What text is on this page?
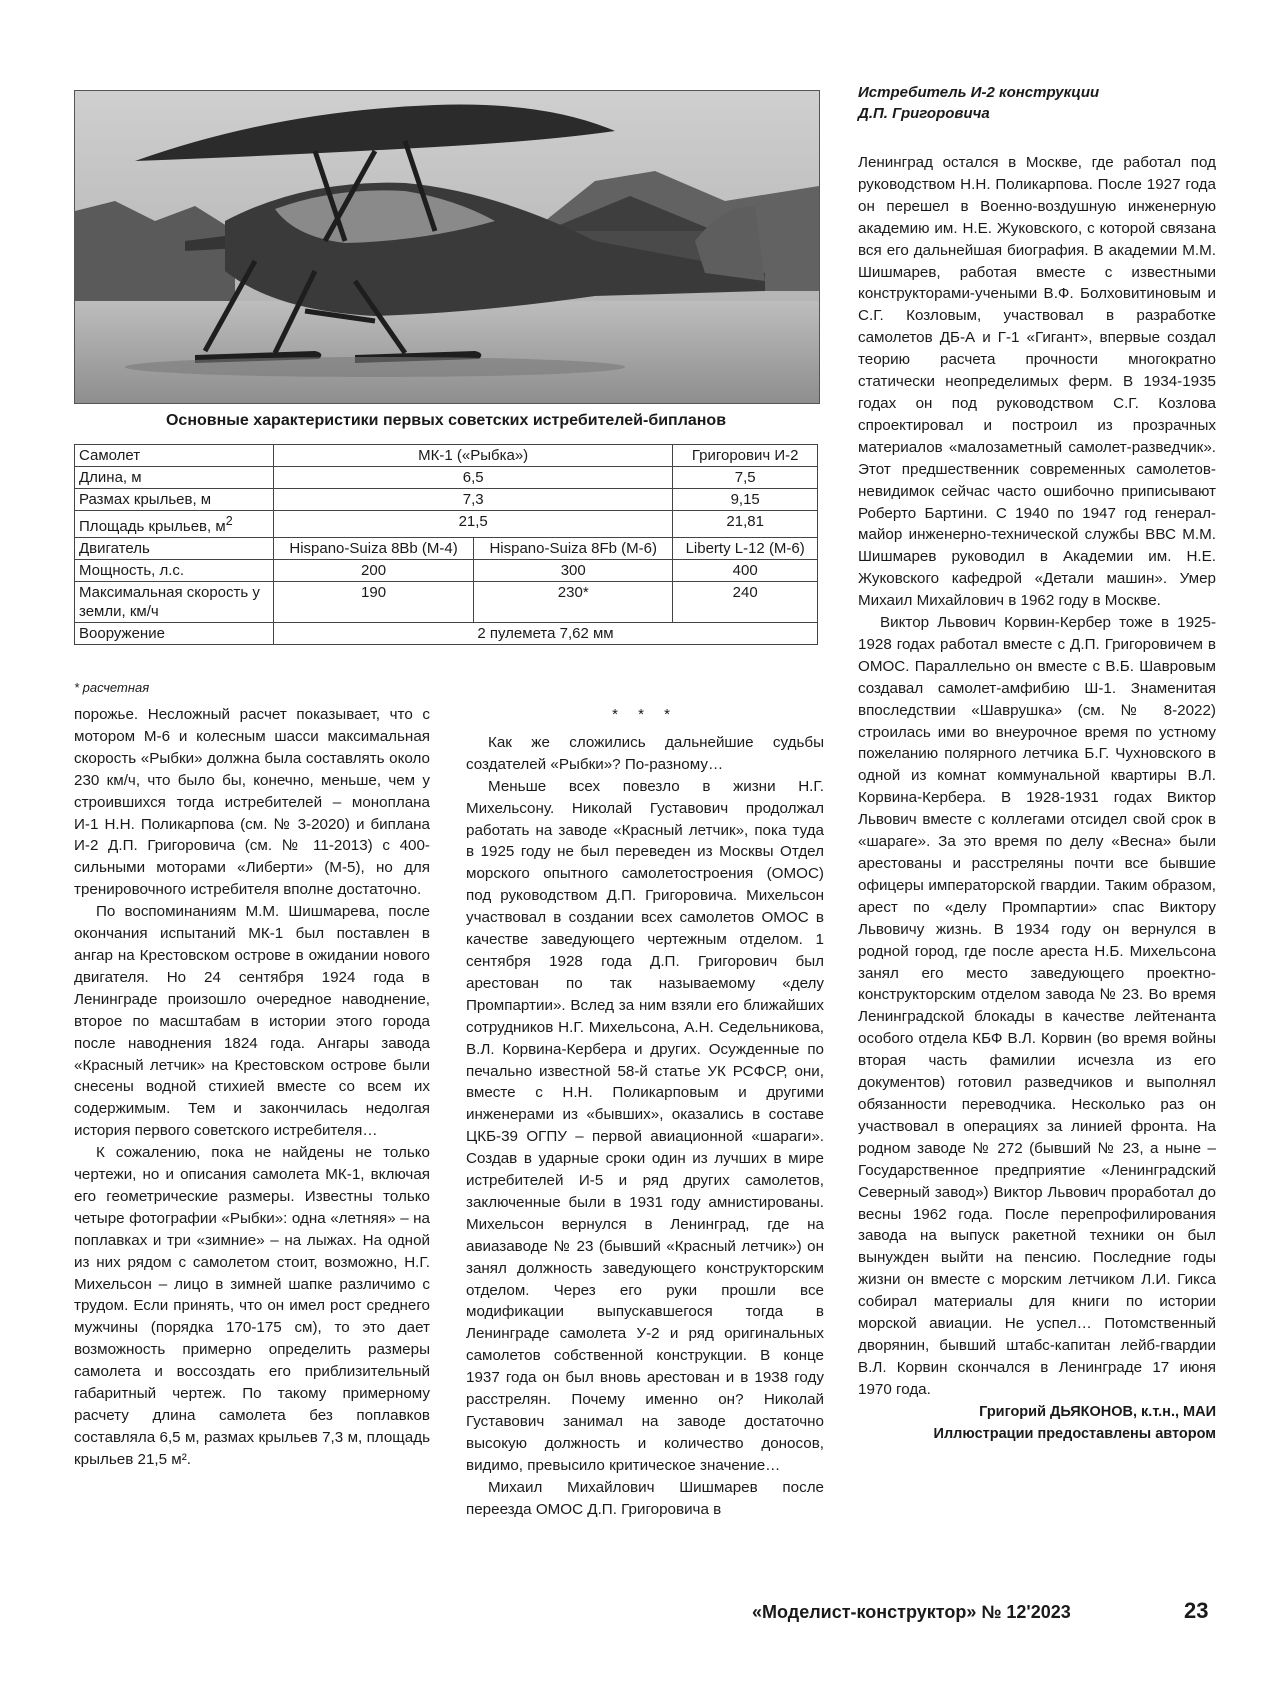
Истребитель И-2 конструкции
Д.П. Григоровича
Основные характеристики первых советских истребителей-бипланов
Самолет	МК-1 («Рыбка»)		Григорович И-2
Длина, м	6,5		7,5
Размах крыльев, м	7,3		9,15
Площадь крыльев, $м^2$	21,5		21,81
Двигатель	Hispano-Suiza 8Bb (М-4)	Hispano-Suiza 8Fb (М-6)	Liberty L-12 (М-6)
Мощность, л.с.	200	300	400
Максимальная скорость у земли, км/ч	190	230*	240
Вооружение	2 пулемета 7,62 мм		
* расчетная

порожье. Несложный расчет показывает, что с мотором М-6 и колесным шасси максимальная скорость «Рыбки» должна была составлять около 230 км/ч, что было бы, конечно, меньше, чем у строившихся тогда истребителей – моноплана И-1 Н.Н. Поликарпова (см. № 3-2020) и биплана И-2 Д.П. Григоровича (см. № 11-2013) с 400-сильными моторами «Либерти» (М-5), но для тренировочного истребителя вполне достаточно.

По воспоминаниям М.М. Шишмарева, после окончания испытаний МК-1 был поставлен в ангар на Крестовском острове в ожидании нового двигателя. Но 24 сентября 1924 года в Ленинграде произошло очередное наводнение, второе по масштабам в истории этого города после наводнения 1824 года. Ангары завода «Красный летчик» на Крестовском острове были снесены водной стихией вместе со всем их содержимым. Тем и закончилась недолгая история первого советского истребителя…

К сожалению, пока не найдены не только чертежи, но и описания самолета МК-1, включая его геометрические размеры. Известны только четыре фотографии «Рыбки»: одна «летняя» – на поплавках и три «зимние» – на лыжах. На одной из них рядом с самолетом стоит, возможно, Н.Г. Михельсон – лицо в зимней шапке различимо с трудом. Если принять, что он имел рост среднего мужчины (порядка 170-175 см), то это дает возможность примерно определить размеры самолета и воссоздать его приблизительный габаритный чертеж. По такому примерному расчету длина самолета без поплавков составляла 6,5 м, размах крыльев 7,3 м, площадь крыльев 21,5 м².

* * *

Как же сложились дальнейшие судьбы создателей «Рыбки»? По-разному…

Меньше всех повезло в жизни Н.Г. Михельсону. Николай Густавович продолжал работать на заводе «Красный летчик», пока туда в 1925 году не был переведен из Москвы Отдел морского опытного самолетостроения (ОМОС) под руководством Д.П. Григоровича. Михельсон участвовал в создании всех самолетов ОМОС в качестве заведующего чертежным отделом. 1 сентября 1928 года Д.П. Григорович был арестован по так называемому «делу Промпартии». Вслед за ним взяли его ближайших сотрудников Н.Г. Михельсона, А.Н. Седельникова, В.Л. Корвина-Кербера и других. Осужденные по печально известной 58-й статье УК РСФСР, они, вместе с Н.Н. Поликарповым и другими инженерами из «бывших», оказались в составе ЦКБ-39 ОГПУ – первой авиационной «шараги». Создав в ударные сроки один из лучших в мире истребителей И-5 и ряд других самолетов, заключенные были в 1931 году амнистированы. Михельсон вернулся в Ленинград, где на авиазаводе № 23 (бывший «Красный летчик») он занял должность заведующего конструкторским отделом. Через его руки прошли все модификации выпускавшегося тогда в Ленинграде самолета У-2 и ряд оригинальных самолетов собственной конструкции. В конце 1937 года он был вновь арестован и в 1938 году расстрелян. Почему именно он? Николай Густавович занимал на заводе достаточно высокую должность и количество доносов, видимо, превысило критическое значение…

Михаил Михайлович Шишмарев после переезда ОМОС Д.П. Григоровича в

Ленинград остался в Москве, где работал под руководством Н.Н. Поликарпова. После 1927 года он перешел в Военно-воздушную инженерную академию им. Н.Е. Жуковского, с которой связана вся его дальнейшая биография. В академии М.М. Шишмарев, работая вместе с известными конструкторами-учеными В.Ф. Болховитиновым и С.Г. Козловым, участвовал в разработке самолетов ДБ-А и Г-1 «Гигант», впервые создал теорию расчета прочности многократно статически неопределимых ферм. В 1934-1935 годах он под руководством С.Г. Козлова спроектировал и построил из прозрачных материалов «малозаметный самолет-разведчик». Этот предшественник современных самолетов-невидимок сейчас часто ошибочно приписывают Роберто Бартини. С 1940 по 1947 год генерал-майор инженерно-технической службы ВВС М.М. Шишмарев руководил в Академии им. Н.Е. Жуковского кафедрой «Детали машин». Умер Михаил Михайлович в 1962 году в Москве.

Виктор Львович Корвин-Кербер тоже в 1925-1928 годах работал вместе с Д.П. Григоровичем в ОМОС. Параллельно он вместе с В.Б. Шавровым создавал самолет-амфибию Ш-1. Знаменитая впоследствии «Шаврушка» (см. № 8-2022) строилась ими во внеурочное время по устному пожеланию полярного летчика Б.Г. Чухновского в одной из комнат коммунальной квартиры В.Л. Корвина-Кербера. В 1928-1931 годах Виктор Львович вместе с коллегами отсидел свой срок в «шараге». За это время по делу «Весна» были арестованы и расстреляны почти все бывшие офицеры императорской гвардии. Таким образом, арест по «делу Промпартии» спас Виктору Львовичу жизнь. В 1934 году он вернулся в родной город, где после ареста Н.Б. Михельсона занял его место заведующего проектно-конструкторским отделом завода № 23. Во время Ленинградской блокады в качестве лейтенанта особого отдела КБФ В.Л. Корвин (во время войны вторая часть фамилии исчезла из его документов) готовил разведчиков и выполнял обязанности переводчика. Несколько раз он участвовал в операциях за линией фронта. На родном заводе № 272 (бывший № 23, а ныне – Государственное предприятие «Ленинградский Северный завод») Виктор Львович проработал до весны 1962 года. После перепрофилирования завода на выпуск ракетной техники он был вынужден выйти на пенсию. Последние годы жизни он вместе с морским летчиком Л.И. Гикса собирал материалы для книги по истории морской авиации. Не успел… Потомственный дворянин, бывший штабс-капитан лейб-гвардии В.Л. Корвин скончался в Ленинграде 17 июня 1970 года.

Григорий ДЬЯКОНОВ, к.т.н., МАИ
Иллюстрации предоставлены автором
«Моделист-конструктор» № 12'2023	23
